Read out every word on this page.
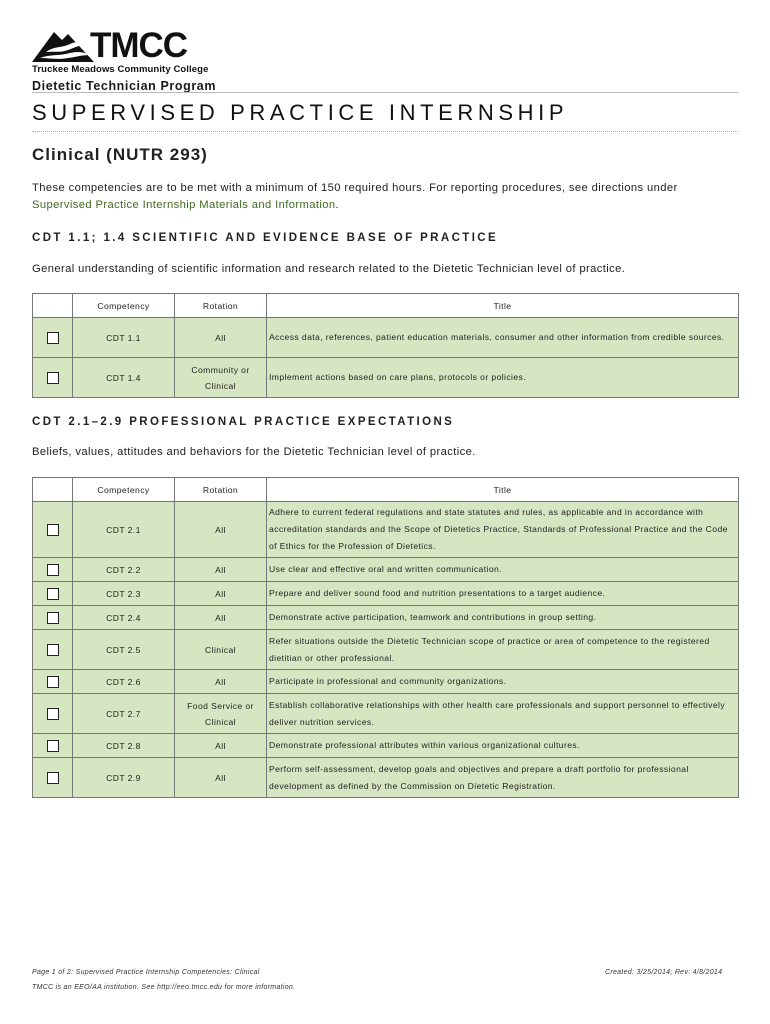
TMCC
Truckee Meadows Community College
Dietetic Technician Program
SUPERVISED PRACTICE INTERNSHIP
Clinical (NUTR 293)

These competencies are to be met with a minimum of 150 required hours. For reporting procedures, see directions under Supervised Practice Internship Materials and Information.

CDT 1.1; 1.4 SCIENTIFIC AND EVIDENCE BASE OF PRACTICE

General understanding of scientific information and research related to the Dietetic Technician level of practice.

	Competency	Rotation	Title
	CDT 1.1	All	Access data, references, patient education materials, consumer and other information from credible sources.
	CDT 1.4	Community or Clinical	Implement actions based on care plans, protocols or policies.
CDT 2.1–2.9 PROFESSIONAL PRACTICE EXPECTATIONS

Beliefs, values, attitudes and behaviors for the Dietetic Technician level of practice.

	Competency	Rotation	Title
	CDT 2.1	All	Adhere to current federal regulations and state statutes and rules, as applicable and in accordance with accreditation standards and the Scope of Dietetics Practice, Standards of Professional Practice and the Code of Ethics for the Profession of Dietetics.
	CDT 2.2	All	Use clear and effective oral and written communication.
	CDT 2.3	All	Prepare and deliver sound food and nutrition presentations to a target audience.
	CDT 2.4	All	Demonstrate active participation, teamwork and contributions in group setting.
	CDT 2.5	Clinical	Refer situations outside the Dietetic Technician scope of practice or area of competence to the registered dietitian or other professional.
	CDT 2.6	All	Participate in professional and community organizations.
	CDT 2.7	Food Service or Clinical	Establish collaborative relationships with other health care professionals and support personnel to effectively deliver nutrition services.
	CDT 2.8	All	Demonstrate professional attributes within various organizational cultures.
	CDT 2.9	All	Perform self-assessment, develop goals and objectives and prepare a draft portfolio for professional development as defined by the Commission on Dietetic Registration.
Page 1 of 2: Supervised Practice Internship Competencies: Clinical	Created: 3/25/2014; Rev: 4/8/2014
TMCC is an EEO/AA institution. See http://eeo.tmcc.edu for more information.
